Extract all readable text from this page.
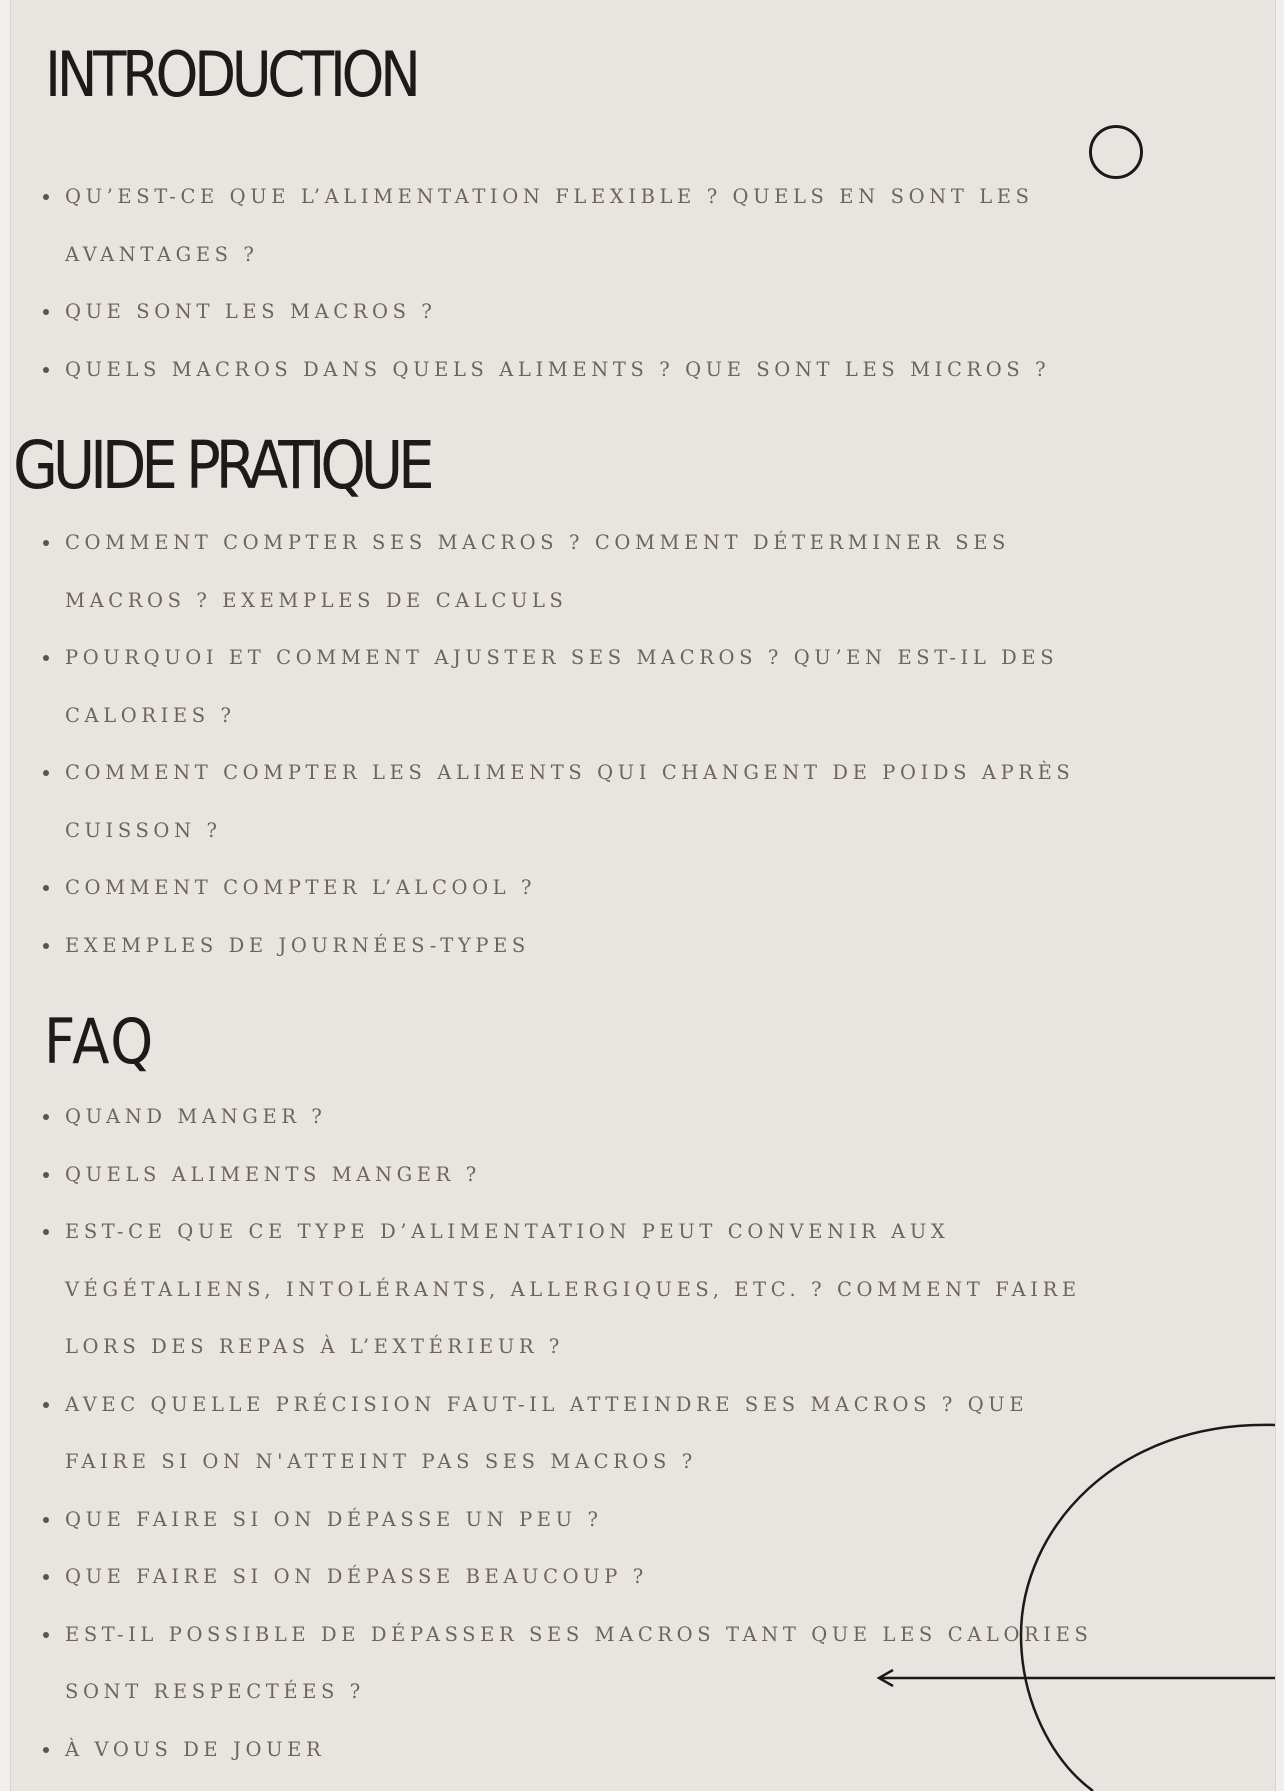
INTRODUCTION
QU’EST-CE QUE L’ALIMENTATION FLEXIBLE ? QUELS EN SONT LES AVANTAGES ?
QUE SONT LES MACROS ?
QUELS MACROS DANS QUELS ALIMENTS ? QUE SONT LES MICROS ?
GUIDE PRATIQUE
COMMENT COMPTER SES MACROS ? COMMENT DÉTERMINER SES MACROS ? EXEMPLES DE CALCULS
POURQUOI ET COMMENT AJUSTER SES MACROS ? QU’EN EST-IL DES CALORIES ?
COMMENT COMPTER LES ALIMENTS QUI CHANGENT DE POIDS APRÈS CUISSON ?
COMMENT COMPTER L’ALCOOL ?
EXEMPLES DE JOURNÉES-TYPES
FAQ
QUAND MANGER ?
QUELS ALIMENTS MANGER ?
EST-CE QUE CE TYPE D’ALIMENTATION PEUT CONVENIR AUX VÉGÉTALIENS, INTOLÉRANTS, ALLERGIQUES, ETC. ? COMMENT FAIRE LORS DES REPAS À L’EXTÉRIEUR ?
AVEC QUELLE PRÉCISION FAUT-IL ATTEINDRE SES MACROS ? QUE FAIRE SI ON N'ATTEINT PAS SES MACROS ?
QUE FAIRE SI ON DÉPASSE UN PEU ?
QUE FAIRE SI ON DÉPASSE BEAUCOUP ?
EST-IL POSSIBLE DE DÉPASSER SES MACROS TANT QUE LES CALORIES SONT RESPECTÉES ?
À VOUS DE JOUER
